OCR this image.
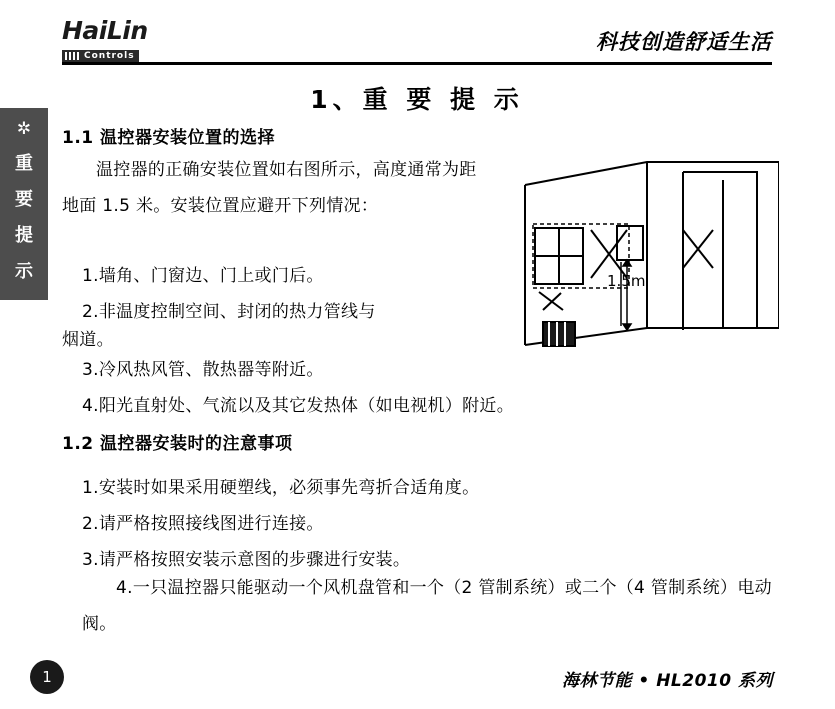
HaiLin
Controls
科技创造舒适生活
✲
重
要
提
示
1、重 要 提 示
1.1 温控器安装位置的选择
温控器的正确安装位置如右图所示，高度通常为距地面 1.5 米。安装位置应避开下列情况：
1.墙角、门窗边、门上或门后。
2.非温度控制空间、封闭的热力管线与
烟道。
3.冷风热风管、散热器等附近。
4.阳光直射处、气流以及其它发热体（如电视机）附近。
1.5m
1.2 温控器安装时的注意事项
1.安装时如果采用硬塑线，必须事先弯折合适角度。
2.请严格按照接线图进行连接。
3.请严格按照安装示意图的步骤进行安装。
4.一只温控器只能驱动一个风机盘管和一个（2 管制系统）或二个（4 管制系统）电动阀。
1	海林节能 • HL2010 系列
